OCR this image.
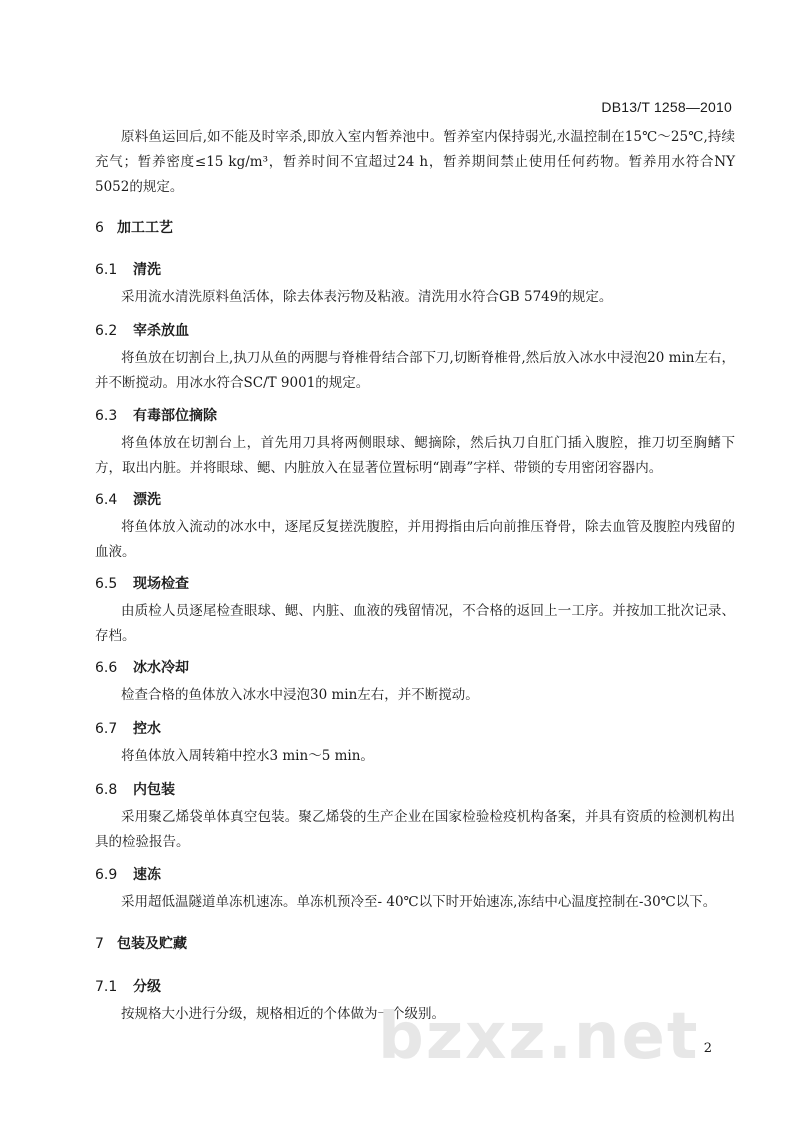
DB13/T 1258—2010

原料鱼运回后,如不能及时宰杀,即放入室内暂养池中。暂养室内保持弱光,水温控制在15℃～25℃,持续充气；暂养密度≤15 kg/m³，暂养时间不宜超过24 h，暂养期间禁止使用任何药物。暂养用水符合NY 5052的规定。

6 加工工艺
6.1 清洗

采用流水清洗原料鱼活体，除去体表污物及粘液。清洗用水符合GB 5749的规定。

6.2 宰杀放血

将鱼放在切割台上,执刀从鱼的两腮与脊椎骨结合部下刀,切断脊椎骨,然后放入冰水中浸泡20 min左右，并不断搅动。用冰水符合SC/T 9001的规定。

6.3 有毒部位摘除

将鱼体放在切割台上，首先用刀具将两侧眼球、鳃摘除，然后执刀自肛门插入腹腔，推刀切至胸鳍下方，取出内脏。并将眼球、鳃、内脏放入在显著位置标明“剧毒”字样、带锁的专用密闭容器内。

6.4 漂洗

将鱼体放入流动的冰水中，逐尾反复搓洗腹腔，并用拇指由后向前推压脊骨，除去血管及腹腔内残留的血液。

6.5 现场检查

由质检人员逐尾检查眼球、鳃、内脏、血液的残留情况，不合格的返回上一工序。并按加工批次记录、存档。

6.6 冰水冷却

检查合格的鱼体放入冰水中浸泡30 min左右，并不断搅动。

6.7 控水

将鱼体放入周转箱中控水3 min～5 min。

6.8 内包装

采用聚乙烯袋单体真空包装。聚乙烯袋的生产企业在国家检验检疫机构备案，并具有资质的检测机构出具的检验报告。

6.9 速冻

采用超低温隧道单冻机速冻。单冻机预冷至- 40℃以下时开始速冻,冻结中心温度控制在-30℃以下。

7 包装及贮藏
7.1 分级

按规格大小进行分级，规格相近的个体做为一个级别。

bzxz.net 2
